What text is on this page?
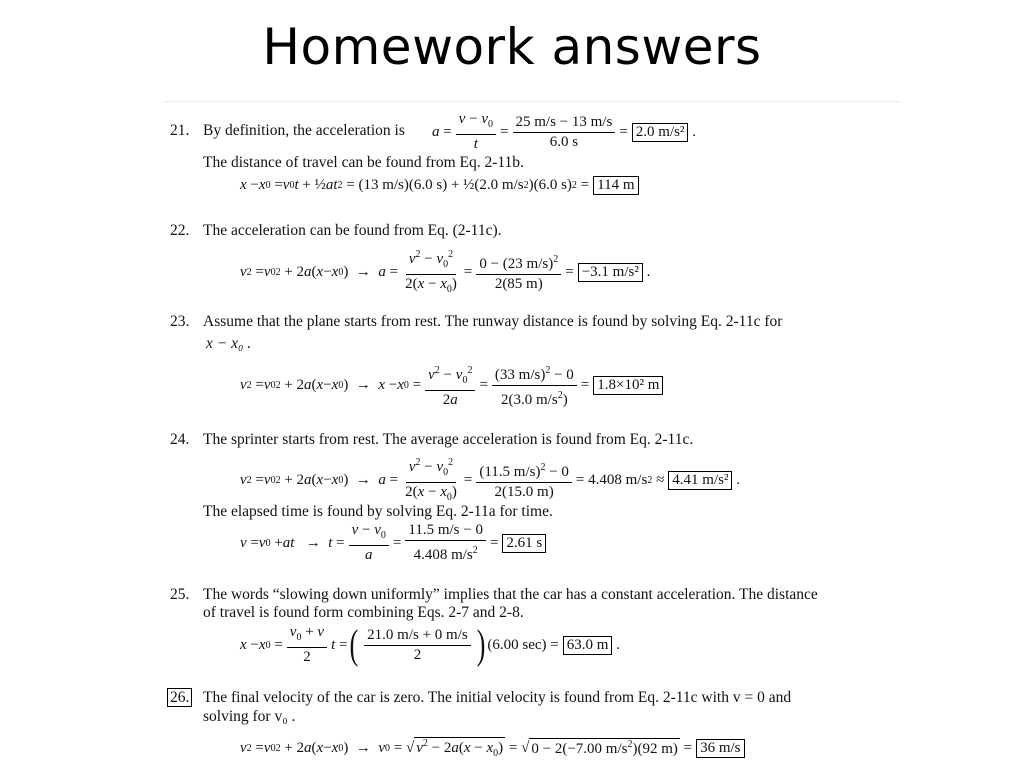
Homework answers
21. By definition, the acceleration is $a = \frac{v - v_0}{t} = \frac{25 m/s - 13 m/s}{6.0 s} = 2.0$ m/s² .
The distance of travel can be found from Eq. 2-11b.
x − x 0 = v 0 t + ½ at 2 = (13 m/s)(6.0 s) + ½(2.0 m/s 2 )(6.0 s) 2 = 114 m
22. The acceleration can be found from Eq. (2-11c).
v 2 = v 0 2 + 2 a ( x − x 0 )  → $a = \frac{v^2 - v_0^2}{2(x - x_0)} = \frac{0 - (23 m/s)^2}{2(85 m)} = -3.1$ m/s² .
23. Assume that the plane starts from rest. The runway distance is found by solving Eq. 2-11c for
x − x₀ .
v 2 = v 0 2 + 2 a ( x − x 0 )  → x − x $0 = \frac{v^2 - v_0^2}{2a} = \frac{(33 m/s)^2 - 0}{2(3.0 m/s^2)} = 1.8\times 10^2$ m
24. The sprinter starts from rest. The average acceleration is found from Eq. 2-11c.
v 2 = v 0 2 + 2 a ( x − x 0 )  → $a = \frac{v^2 - v_0^2}{2(x - x_0)} = \frac{(11.5 m/s)^2 - 0}{2(15.0 m)} = 4.408$ m/s 2 ≈ 4.41 m/s² .
The elapsed time is found by solving Eq. 2-11a for time.
v = v 0 + at → $t = \frac{v - v_0}{a} = \frac{11.5 m/s - 0}{4.408 m/s^2} = 2.61$ s
25. The words “slowing down uniformly” implies that the car has a constant acceleration. The distance
of travel is found form combining Eqs. 2-7 and 2-8.
x − x $0 = \frac{v_0 + v}{2}$ t = ( $\frac{21.0 m/s + 0 m/s}{2}$ ) (6.00 sec) = 63.0 m .
26. The final velocity of the car is zero. The initial velocity is found from Eq. 2-11c with v = 0 and
solving for v₀ .
v 2 = v 0 2 + 2 a ( x − x 0 )  → v 0 = √ $v^2 - 2a(x - x_0)$ = √ 0 − 2(−7.00 $m/s^2)(92$ m) = 36 m/s
